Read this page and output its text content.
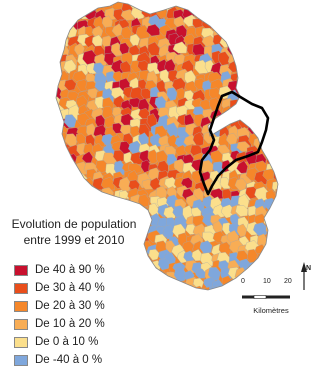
N
Evolution de population
entre 1999 et 2010
De 40 à 90 %
De 30 à 40 %
De 20 à 30 %
De 10 à 20 %
De 0 à 10 %
De -40 à 0 %
0	10 20
Kilomètres
